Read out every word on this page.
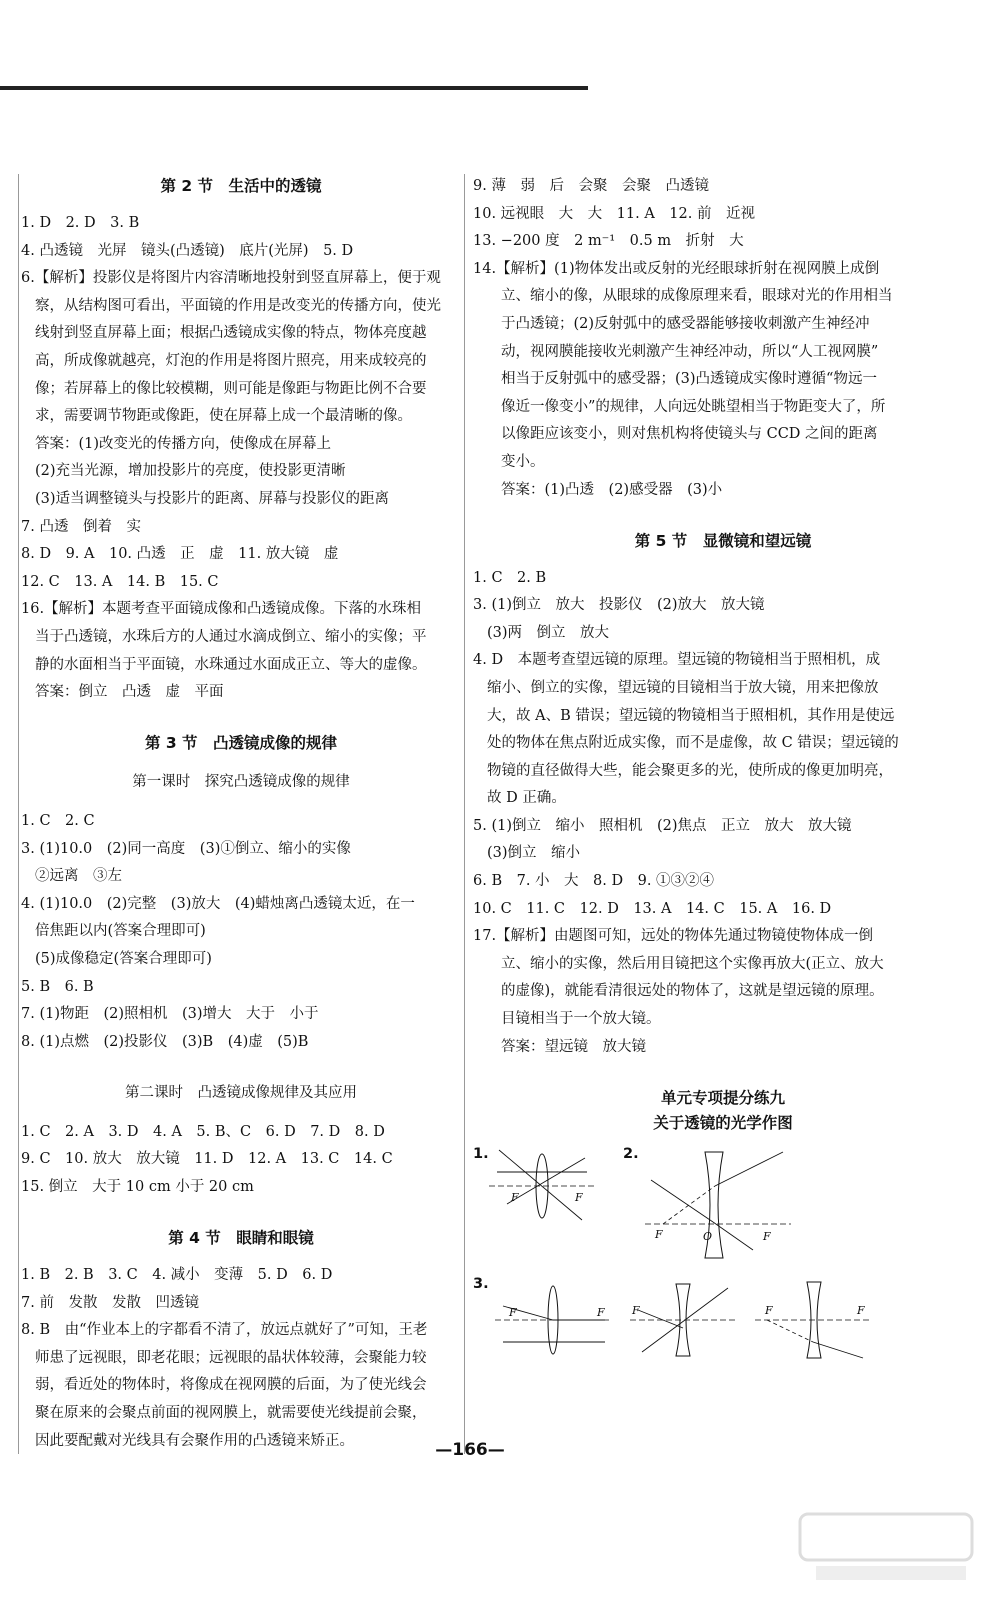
第 2 节　生活中的透镜
1. D　2. D　3. B
4. 凸透镜　光屏　镜头(凸透镜)　底片(光屏)　5. D
6.【解析】投影仪是将图片内容清晰地投射到竖直屏幕上，便于观
察，从结构图可看出，平面镜的作用是改变光的传播方向，使光
线射到竖直屏幕上面；根据凸透镜成实像的特点，物体亮度越
高，所成像就越亮，灯泡的作用是将图片照亮，用来成较亮的
像；若屏幕上的像比较模糊，则可能是像距与物距比例不合要
求，需要调节物距或像距，使在屏幕上成一个最清晰的像。
答案：(1)改变光的传播方向，使像成在屏幕上
(2)充当光源，增加投影片的亮度，使投影更清晰
(3)适当调整镜头与投影片的距离、屏幕与投影仪的距离
7. 凸透　倒着　实
8. D　9. A　10. 凸透　正　虚　11. 放大镜　虚
12. C　13. A　14. B　15. C
16.【解析】本题考查平面镜成像和凸透镜成像。下落的水珠相
当于凸透镜，水珠后方的人通过水滴成倒立、缩小的实像；平
静的水面相当于平面镜，水珠通过水面成正立、等大的虚像。
答案：倒立　凸透　虚　平面
第 3 节　凸透镜成像的规律
第一课时　探究凸透镜成像的规律
1. C　2. C
3. (1)10.0　(2)同一高度　(3)①倒立、缩小的实像
②远离　③左
4. (1)10.0　(2)完整　(3)放大　(4)蜡烛离凸透镜太近，在一
倍焦距以内(答案合理即可)
(5)成像稳定(答案合理即可)
5. B　6. B
7. (1)物距　(2)照相机　(3)增大　大于　小于
8. (1)点燃　(2)投影仪　(3)B　(4)虚　(5)B
第二课时　凸透镜成像规律及其应用
1. C　2. A　3. D　4. A　5. B、C　6. D　7. D　8. D
9. C　10. 放大　放大镜　11. D　12. A　13. C　14. C
15. 倒立　大于 10 cm 小于 20 cm
第 4 节　眼睛和眼镜
1. B　2. B　3. C　4. 减小　变薄　5. D　6. D
7. 前　发散　发散　凹透镜
8. B　由“作业本上的字都看不清了，放远点就好了”可知，王老
师患了远视眼，即老花眼；远视眼的晶状体较薄，会聚能力较
弱，看近处的物体时，将像成在视网膜的后面，为了使光线会
聚在原来的会聚点前面的视网膜上，就需要使光线提前会聚，
因此要配戴对光线具有会聚作用的凸透镜来矫正。
9. 薄　弱　后　会聚　会聚　凸透镜
10. 远视眼　大　大　11. A　12. 前　近视
13. −200 度　2 m⁻¹　0.5 m　折射　大
14.【解析】(1)物体发出或反射的光经眼球折射在视网膜上成倒
立、缩小的像，从眼球的成像原理来看，眼球对光的作用相当
于凸透镜；(2)反射弧中的感受器能够接收刺激产生神经冲
动，视网膜能接收光刺激产生神经冲动，所以“人工视网膜”
相当于反射弧中的感受器；(3)凸透镜成实像时遵循“物远一
像近一像变小”的规律，人向远处眺望相当于物距变大了，所
以像距应该变小，则对焦机构将使镜头与 CCD 之间的距离
变小。
答案：(1)凸透　(2)感受器　(3)小
第 5 节　显微镜和望远镜
1. C　2. B
3. (1)倒立　放大　投影仪　(2)放大　放大镜
(3)两　倒立　放大
4. D　本题考查望远镜的原理。望远镜的物镜相当于照相机，成
缩小、倒立的实像，望远镜的目镜相当于放大镜，用来把像放
大，故 A、B 错误；望远镜的物镜相当于照相机，其作用是使远
处的物体在焦点附近成实像，而不是虚像，故 C 错误；望远镜的
物镜的直径做得大些，能会聚更多的光，使所成的像更加明亮，
故 D 正确。
5. (1)倒立　缩小　照相机　(2)焦点　正立　放大　放大镜
(3)倒立　缩小
6. B　7. 小　大　8. D　9. ①③②④
10. C　11. C　12. D　13. A　14. C　15. A　16. D
17.【解析】由题图可知，远处的物体先通过物镜使物体成一倒
立、缩小的实像，然后用目镜把这个实像再放大(正立、放大
的虚像)，就能看清很远处的物体了，这就是望远镜的原理。
目镜相当于一个放大镜。
答案：望远镜　放大镜
单元专项提分练九
关于透镜的光学作图
1.
F	F
2.
F	O	F
3.
F	F F	F	F
—166—
